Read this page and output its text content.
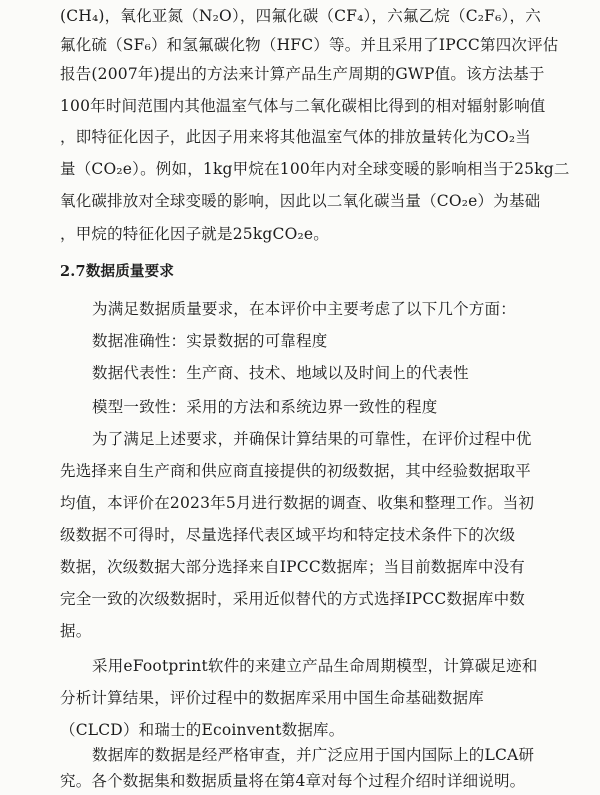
(CH₄)，氧化亚氮（N₂O），四氟化碳（CF₄），六氟乙烷（C₂F₆），六
氟化硫（SF₆）和氢氟碳化物（HFC）等。并且采用了IPCC第四次评估
报告(2007年)提出的方法来计算产品生产周期的GWP值。该方法基于
100年时间范围内其他温室气体与二氧化碳相比得到的相对辐射影响值
，即特征化因子，此因子用来将其他温室气体的排放量转化为CO₂当
量（CO₂e）。例如，1kg甲烷在100年内对全球变暖的影响相当于25kg二
氧化碳排放对全球变暖的影响，因此以二氧化碳当量（CO₂e）为基础
，甲烷的特征化因子就是25kgCO₂e。
2.7数据质量要求
为满足数据质量要求，在本评价中主要考虑了以下几个方面：
数据准确性：实景数据的可靠程度
数据代表性：生产商、技术、地域以及时间上的代表性
模型一致性：采用的方法和系统边界一致性的程度
为了满足上述要求，并确保计算结果的可靠性，在评价过程中优
先选择来自生产商和供应商直接提供的初级数据，其中经验数据取平
均值，本评价在2023年5月进行数据的调查、收集和整理工作。当初
级数据不可得时，尽量选择代表区域平均和特定技术条件下的次级
数据，次级数据大部分选择来自IPCC数据库；当目前数据库中没有
完全一致的次级数据时，采用近似替代的方式选择IPCC数据库中数
据。
采用eFootprint软件的来建立产品生命周期模型，计算碳足迹和
分析计算结果，评价过程中的数据库采用中国生命基础数据库
（CLCD）和瑞士的Ecoinvent数据库。
数据库的数据是经严格审查，并广泛应用于国内国际上的LCA研
究。各个数据集和数据质量将在第4章对每个过程介绍时详细说明。
